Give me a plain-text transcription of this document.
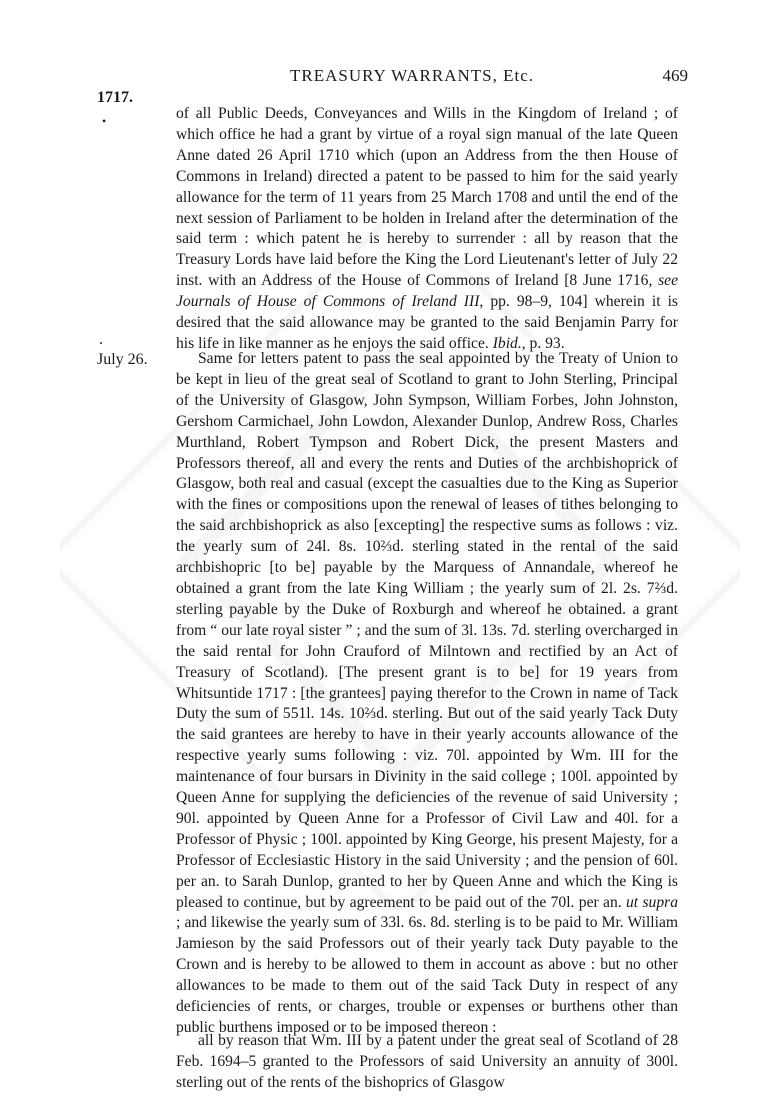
TREASURY WARRANTS, Etc.	469
1717.
•	of all Public Deeds, Conveyances and Wills in the Kingdom of Ireland ; of which office he had a grant by virtue of a royal sign manual of the late Queen Anne dated 26 April 1710 which (upon an Address from the then House of Commons in Ireland) directed a patent to be passed to him for the said yearly allowance for the term of 11 years from 25 March 1708 and until the end of the next session of Parliament to be holden in Ireland after the determination of the said term : which patent he is hereby to surrender : all by reason that the Treasury Lords have laid before the King the Lord Lieutenant's letter of July 22 inst. with an Address of the House of Commons of Ireland [8 June 1716, see Journals of House of Commons of Ireland III, pp. 98–9, 104] wherein it is desired that the said allowance may be granted to the said Benjamin Parry for his life in like manner as he enjoys the said office. Ibid., p. 93.
·
July 26.	Same for letters patent to pass the seal appointed by the Treaty of Union to be kept in lieu of the great seal of Scotland to grant to John Sterling, Principal of the University of Glasgow, John Sympson, William Forbes, John Johnston, Gershom Carmichael, John Lowdon, Alexander Dunlop, Andrew Ross, Charles Murthland, Robert Tympson and Robert Dick, the present Masters and Professors thereof, all and every the rents and Duties of the archbishoprick of Glasgow, both real and casual (except the casualties due to the King as Superior with the fines or compositions upon the renewal of leases of tithes belonging to the said archbishoprick as also [excepting] the respective sums as follows : viz. the yearly sum of 24l. 8s. 10⅔d. sterling stated in the rental of the said archbishopric [to be] payable by the Marquess of Annandale, whereof he obtained a grant from the late King William ; the yearly sum of 2l. 2s. 7⅔d. sterling payable by the Duke of Roxburgh and whereof he obtained. a grant from “ our late royal sister ” ; and the sum of 3l. 13s. 7d. sterling overcharged in the said rental for John Crauford of Milntown and rectified by an Act of Treasury of Scotland). [The present grant is to be] for 19 years from Whitsuntide 1717 : [the grantees] paying therefor to the Crown in name of Tack Duty the sum of 551l. 14s. 10⅔d. sterling. But out of the said yearly Tack Duty the said grantees are hereby to have in their yearly accounts allowance of the respective yearly sums following : viz. 70l. appointed by Wm. III for the maintenance of four bursars in Divinity in the said college ; 100l. appointed by Queen Anne for supplying the deficiencies of the revenue of said University ; 90l. appointed by Queen Anne for a Professor of Civil Law and 40l. for a Professor of Physic ; 100l. appointed by King George, his present Majesty, for a Professor of Ecclesiastic History in the said University ; and the pension of 60l. per an. to Sarah Dunlop, granted to her by Queen Anne and which the King is pleased to continue, but by agreement to be paid out of the 70l. per an. ut supra ; and likewise the yearly sum of 33l. 6s. 8d. sterling is to be paid to Mr. William Jamieson by the said Professors out of their yearly tack Duty payable to the Crown and is hereby to be allowed to them in account as above : but no other allowances to be made to them out of the said Tack Duty in respect of any deficiencies of rents, or charges, trouble or expenses or burthens other than public burthens imposed or to be imposed thereon :
all by reason that Wm. III by a patent under the great seal of Scotland of 28 Feb. 1694–5 granted to the Professors of said University an annuity of 300l. sterling out of the rents of the bishoprics of Glasgow
